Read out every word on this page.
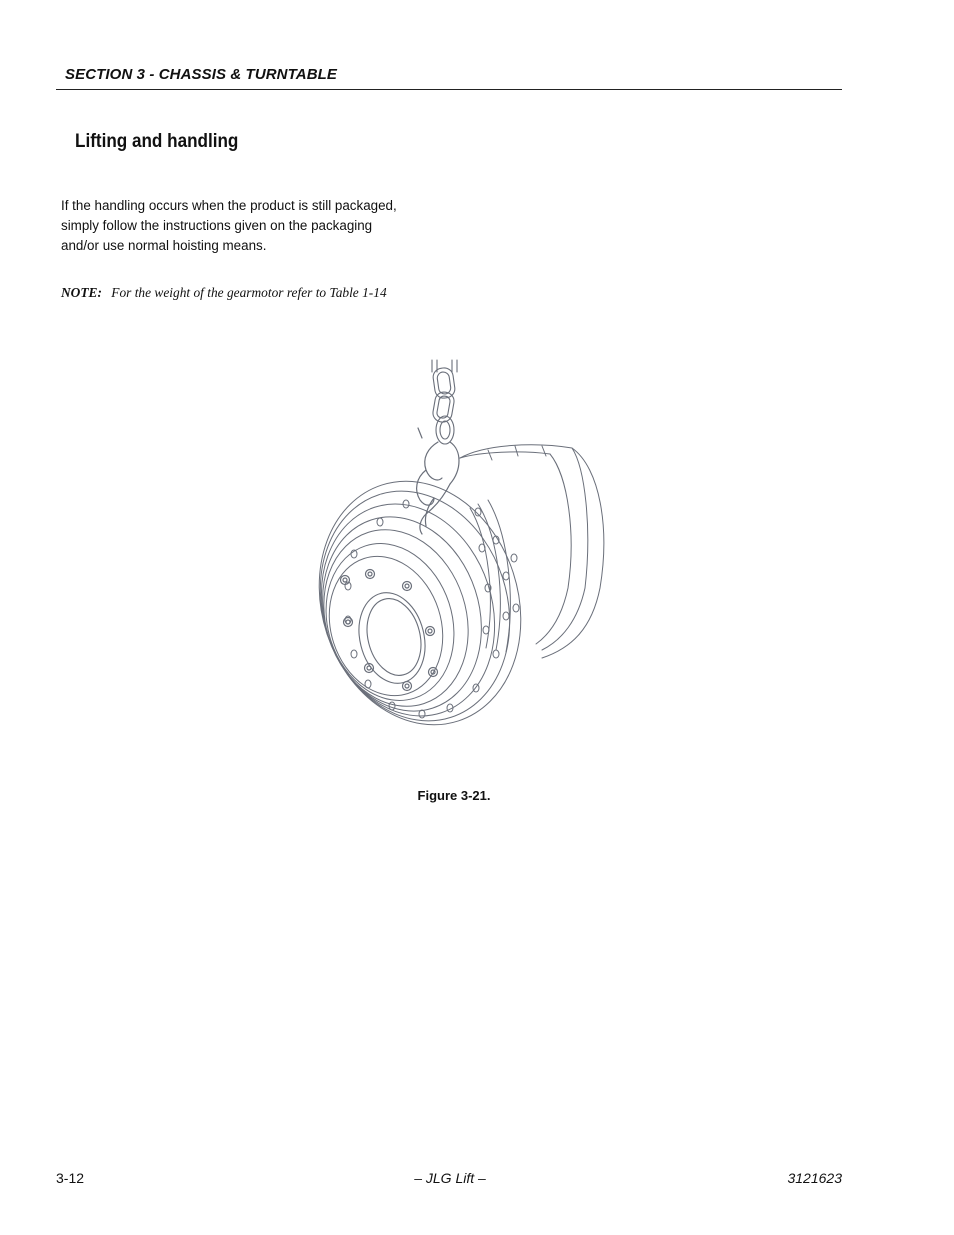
SECTION 3 - CHASSIS & TURNTABLE
Lifting and handling
If the handling occurs when the product is still packaged, simply follow the instructions given on the packaging and/or use normal hoisting means.
NOTE: For the weight of the gearmotor refer to Table 1-14
Figure 3-21.
3-12	– JLG Lift –	3121623
